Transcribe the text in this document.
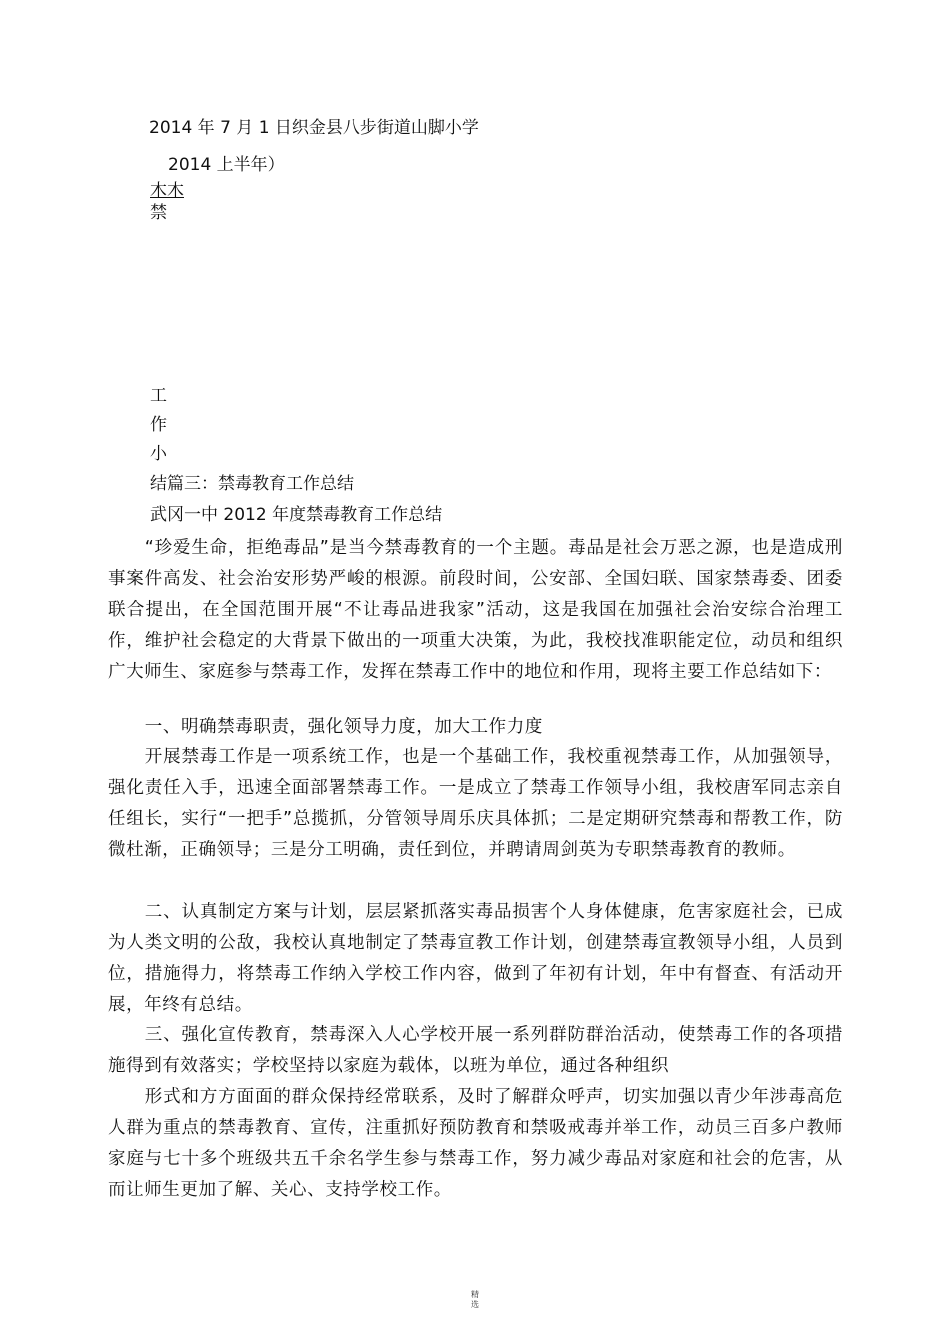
2014 年 7 月 1 日织金县八步街道山脚小学
2014 上半年）
木木
禁
工
作
小
结篇三：禁毒教育工作总结
武冈一中 2012 年度禁毒教育工作总结

“珍爱生命，拒绝毒品”是当今禁毒教育的一个主题。毒品是社会万恶之源，也是造成刑事案件高发、社会治安形势严峻的根源。前段时间，公安部、全国妇联、国家禁毒委、团委联合提出，在全国范围开展“不让毒品进我家”活动，这是我国在加强社会治安综合治理工作，维护社会稳定的大背景下做出的一项重大决策，为此，我校找准职能定位，动员和组织广大师生、家庭参与禁毒工作，发挥在禁毒工作中的地位和作用，现将主要工作总结如下：

一、明确禁毒职责，强化领导力度，加大工作力度

开展禁毒工作是一项系统工作，也是一个基础工作，我校重视禁毒工作，从加强领导，强化责任入手，迅速全面部署禁毒工作。一是成立了禁毒工作领导小组，我校唐军同志亲自任组长，实行“一把手”总揽抓，分管领导周乐庆具体抓；二是定期研究禁毒和帮教工作，防微杜渐，正确领导；三是分工明确，责任到位，并聘请周剑英为专职禁毒教育的教师。

二、认真制定方案与计划，层层紧抓落实毒品损害个人身体健康，危害家庭社会，已成为人类文明的公敌，我校认真地制定了禁毒宣教工作计划，创建禁毒宣教领导小组，人员到位，措施得力，将禁毒工作纳入学校工作内容，做到了年初有计划，年中有督查、有活动开展，年终有总结。

三、强化宣传教育，禁毒深入人心学校开展一系列群防群治活动，使禁毒工作的各项措施得到有效落实；学校坚持以家庭为载体，以班为单位，通过各种组织

形式和方方面面的群众保持经常联系，及时了解群众呼声，切实加强以青少年涉毒高危人群为重点的禁毒教育、宣传，注重抓好预防教育和禁吸戒毒并举工作，动员三百多户教师家庭与七十多个班级共五千余名学生参与禁毒工作，努力减少毒品对家庭和社会的危害，从而让师生更加了解、关心、支持学校工作。

精
选
